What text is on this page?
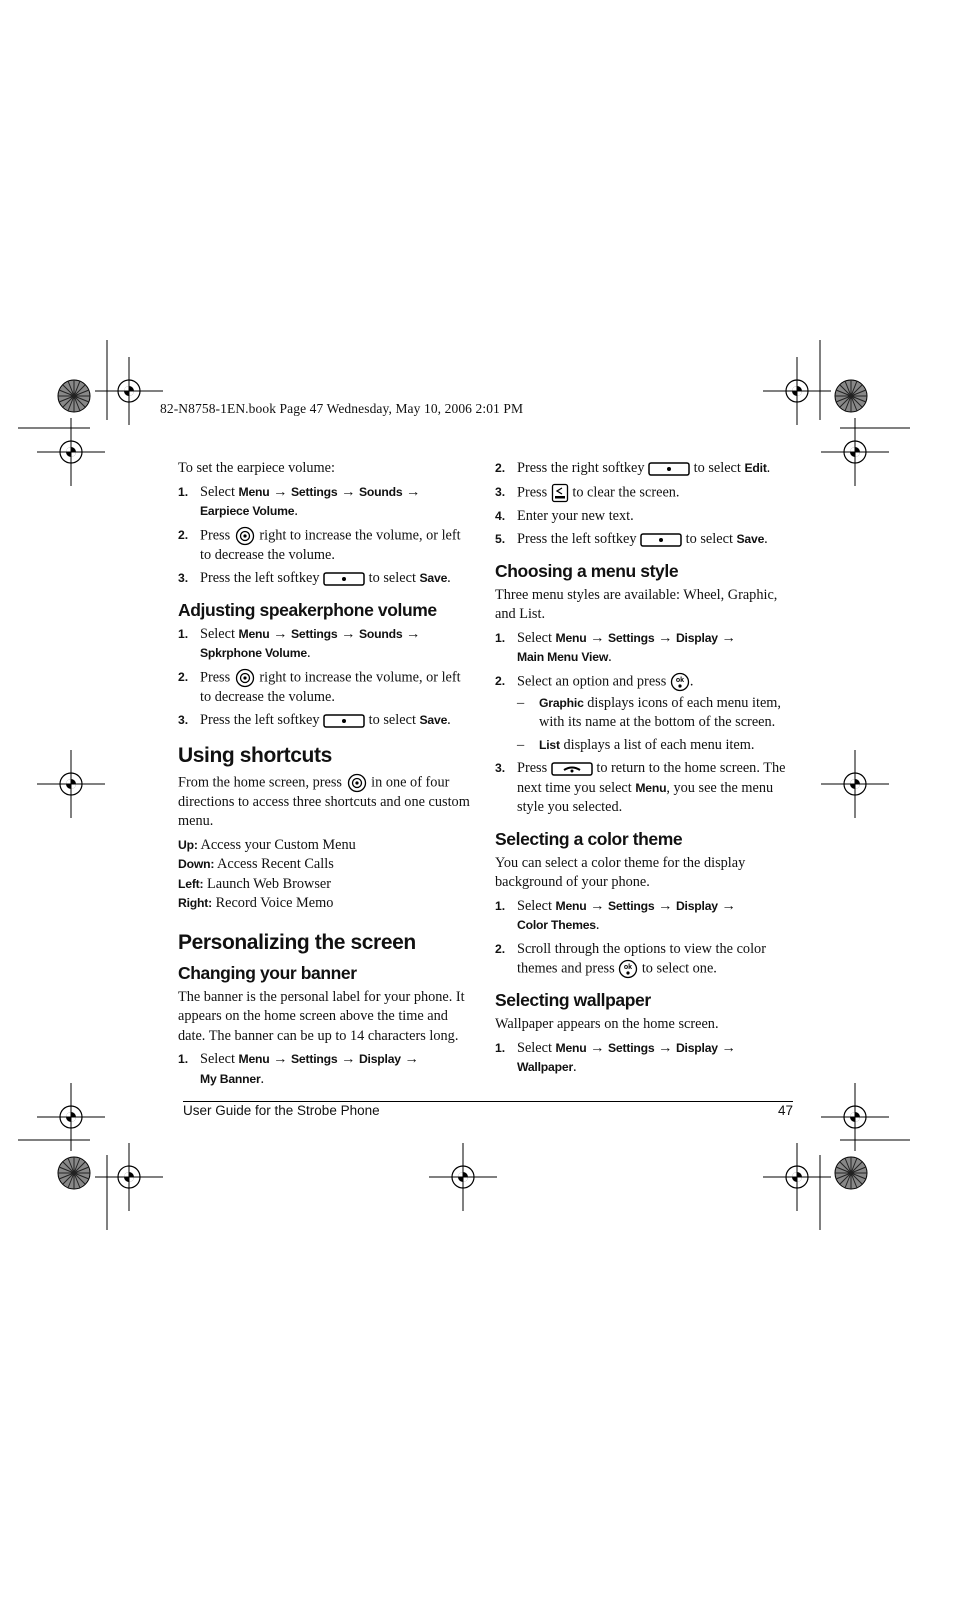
82-N8758-1EN.book Page 47 Wednesday, May 10, 2006 2:01 PM

To set the earpiece volume:

1. Select Menu → Settings → Sounds →
Earpiece Volume.
2. Press right to increase the volume, or left to decrease the volume.
3. Press the left softkey	to select Save.
Adjusting speakerphone volume
1. Select Menu → Settings → Sounds →
Spkrphone Volume.
2. Press right to increase the volume, or left to decrease the volume.
3. Press the left softkey	to select Save.
Using shortcuts

From the home screen, press in one of four directions to access three shortcuts and one custom menu.

Up: Access your Custom Menu
Down: Access Recent Calls
Left: Launch Web Browser
Right: Record Voice Memo
Personalizing the screen
Changing your banner

The banner is the personal label for your phone. It appears on the home screen above the time and date. The banner can be up to 14 characters long.

1. Select Menu → Settings → Display →
My Banner.
2. Press the right softkey	to select Edit.
3. Press to clear the screen.
4. Enter your new text.
5. Press the left softkey	to select Save.
Choosing a menu style

Three menu styles are available: Wheel, Graphic, and List.

1. Select Menu → Settings → Display →
Main Menu View.
2. Select an option and press ok .
– Graphic displays icons of each menu item, with its name at the bottom of the screen.
– List displays a list of each menu item.
3. Press	to return to the home screen. The next time you select Menu, you see the menu style you selected.
Selecting a color theme

You can select a color theme for the display background of your phone.

1. Select Menu → Settings → Display →
Color Themes.
2. Scroll through the options to view the color themes and press ok to select one.
Selecting wallpaper

Wallpaper appears on the home screen.

1. Select Menu → Settings → Display →
Wallpaper.
User Guide for the Strobe Phone	47
